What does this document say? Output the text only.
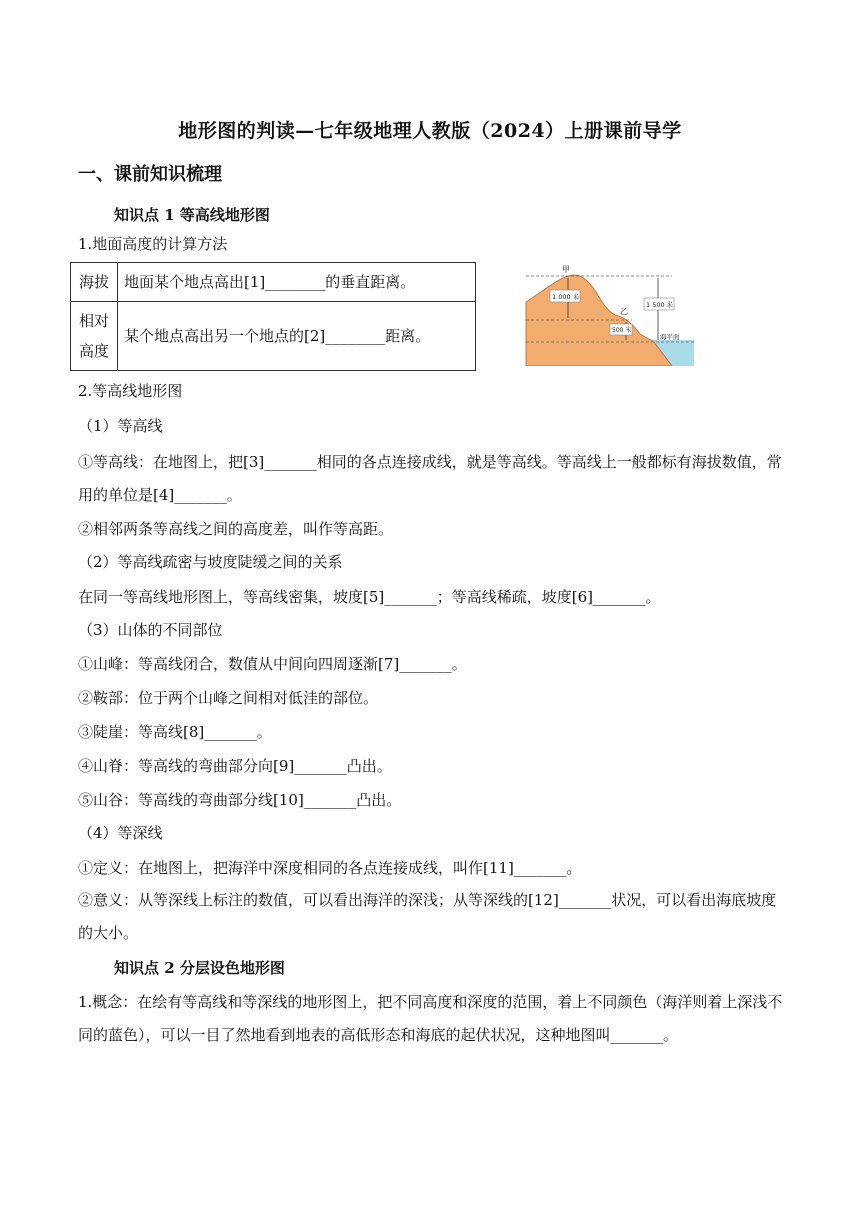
地形图的判读—七年级地理人教版（2024）上册课前导学
一、课前知识梳理
知识点 1 等高线地形图
1.地面高度的计算方法
海拔	地面某个地点高出[1]________的垂直距离。
相对高度	某个地点高出另一个地点的[2]________距离。
甲
乙
1 000 米
1 500 米
500 米
海平面
2.等高线地形图
（1）等高线
①等高线：在地图上，把[3]_______相同的各点连接成线，就是等高线。等高线上一般都标有海拔数值，常用的单位是[4]_______。
②相邻两条等高线之间的高度差，叫作等高距。
（2）等高线疏密与坡度陡缓之间的关系
在同一等高线地形图上，等高线密集，坡度[5]_______；等高线稀疏，坡度[6]_______。
（3）山体的不同部位
①山峰：等高线闭合，数值从中间向四周逐渐[7]_______。
②鞍部：位于两个山峰之间相对低洼的部位。
③陡崖：等高线[8]_______。
④山脊：等高线的弯曲部分向[9]_______凸出。
⑤山谷：等高线的弯曲部分线[10]_______凸出。
（4）等深线
①定义：在地图上，把海洋中深度相同的各点连接成线，叫作[11]_______。
②意义：从等深线上标注的数值，可以看出海洋的深浅；从等深线的[12]_______状况，可以看出海底坡度的大小。
知识点 2 分层设色地形图
1.概念：在绘有等高线和等深线的地形图上，把不同高度和深度的范围，着上不同颜色（海洋则着上深浅不同的蓝色），可以一目了然地看到地表的高低形态和海底的起伏状况，这种地图叫_______。
